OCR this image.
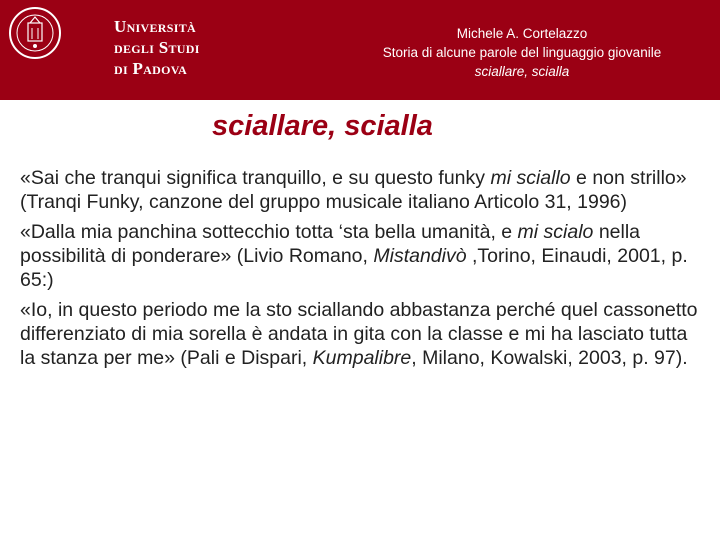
Università
degli Studi
di Padova
Michele A. Cortelazzo
Storia di alcune parole del linguaggio giovanile
sciallare, scialla
sciallare, scialla

«Sai che tranqui significa tranquillo, e su questo funky mi sciallo e non strillo» (Tranqi Funky, canzone del gruppo musicale italiano Articolo 31, 1996)

«Dalla mia panchina sottecchio totta ‘sta bella umanità, e mi scialo nella possibilità di ponderare» (Livio Romano, Mistandivò ,Torino, Einaudi, 2001, p. 65:)

«Io, in questo periodo me la sto sciallando abbastanza perché quel cassonetto differenziato di mia sorella è andata in gita con la classe e mi ha lasciato tutta la stanza per me» (Pali e Dispari, Kumpalibre, Milano, Kowalski, 2003, p. 97).
